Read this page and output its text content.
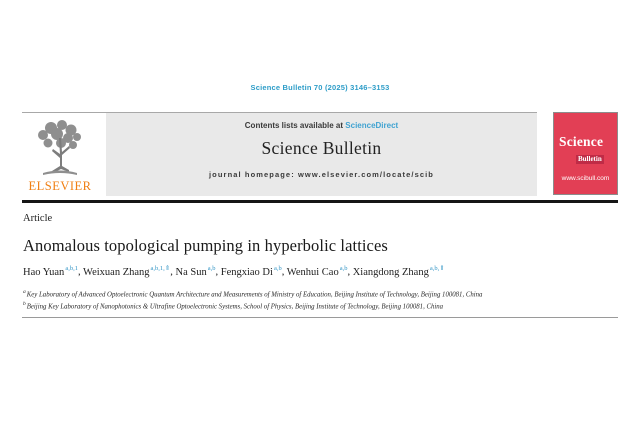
Science Bulletin 70 (2025) 3146–3153
ELSEVIER
Contents lists available at ScienceDirect
Science Bulletin
journal homepage: www.elsevier.com/locate/scib
Science
Bulletin
www.scibull.com
Article
Anomalous topological pumping in hyperbolic lattices
Hao Yuan$^{a,b,1}$, Weixuan Zhang$^{a,b,1,⇑}$, Na Sun$^{a,b}$, Fengxiao Di$^{a,b}$, Wenhui Cao$^{a,b}$, Xiangdong Zhang$^{a,b,⇑}$
$^a$Key Laboratory of Advanced Optoelectronic Quantum Architecture and Measurements of Ministry of Education, Beijing Institute of Technology, Beijing 100081, China
$^b$Beijing Key Laboratory of Nanophotonics & Ultrafine Optoelectronic Systems, School of Physics, Beijing Institute of Technology, Beijing 100081, China
